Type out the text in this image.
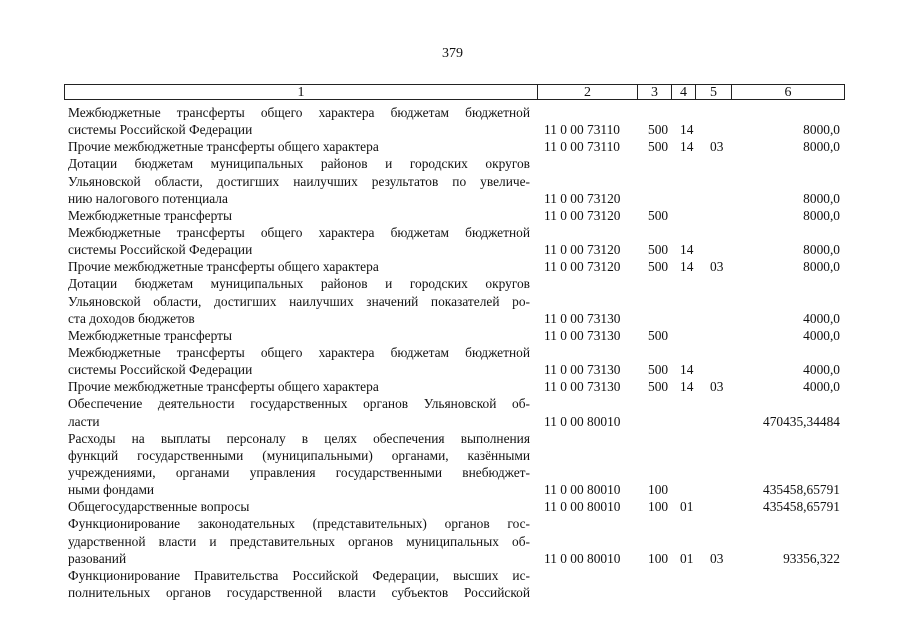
379
1	2	3	4	5	6
Межбюджетные трансферты общего характера бюджетам бюджетной
системы Российской Федерации	11 0 00 73110 500 14	8000,0
Прочие межбюджетные трансферты общего характера	11 0 00 73110 500 14 03	8000,0
Дотации бюджетам муниципальных районов и городских округов
Ульяновской области, достигших наилучших результатов по увеличе-
нию налогового потенциала	11 0 00 73120	8000,0
Межбюджетные трансферты	11 0 00 73120 500	8000,0
Межбюджетные трансферты общего характера бюджетам бюджетной
системы Российской Федерации	11 0 00 73120 500 14	8000,0
Прочие межбюджетные трансферты общего характера	11 0 00 73120 500 14 03	8000,0
Дотации бюджетам муниципальных районов и городских округов
Ульяновской области, достигших наилучших значений показателей ро-
ста доходов бюджетов	11 0 00 73130	4000,0
Межбюджетные трансферты	11 0 00 73130 500	4000,0
Межбюджетные трансферты общего характера бюджетам бюджетной
системы Российской Федерации	11 0 00 73130 500 14	4000,0
Прочие межбюджетные трансферты общего характера	11 0 00 73130 500 14 03	4000,0
Обеспечение деятельности государственных органов Ульяновской об-
ласти	11 0 00 80010	470435,34484
Расходы на выплаты персоналу в целях обеспечения выполнения
функций государственными (муниципальными) органами, казёнными
учреждениями, органами управления государственными внебюджет-
ными фондами	11 0 00 80010 100	435458,65791
Общегосударственные вопросы	11 0 00 80010 100 01	435458,65791
Функционирование законодательных (представительных) органов гос-
ударственной власти и представительных органов муниципальных об-
разований	11 0 00 80010 100 01 03	93356,322
Функционирование Правительства Российской Федерации, высших ис-
полнительных органов государственной власти субъектов Российской
